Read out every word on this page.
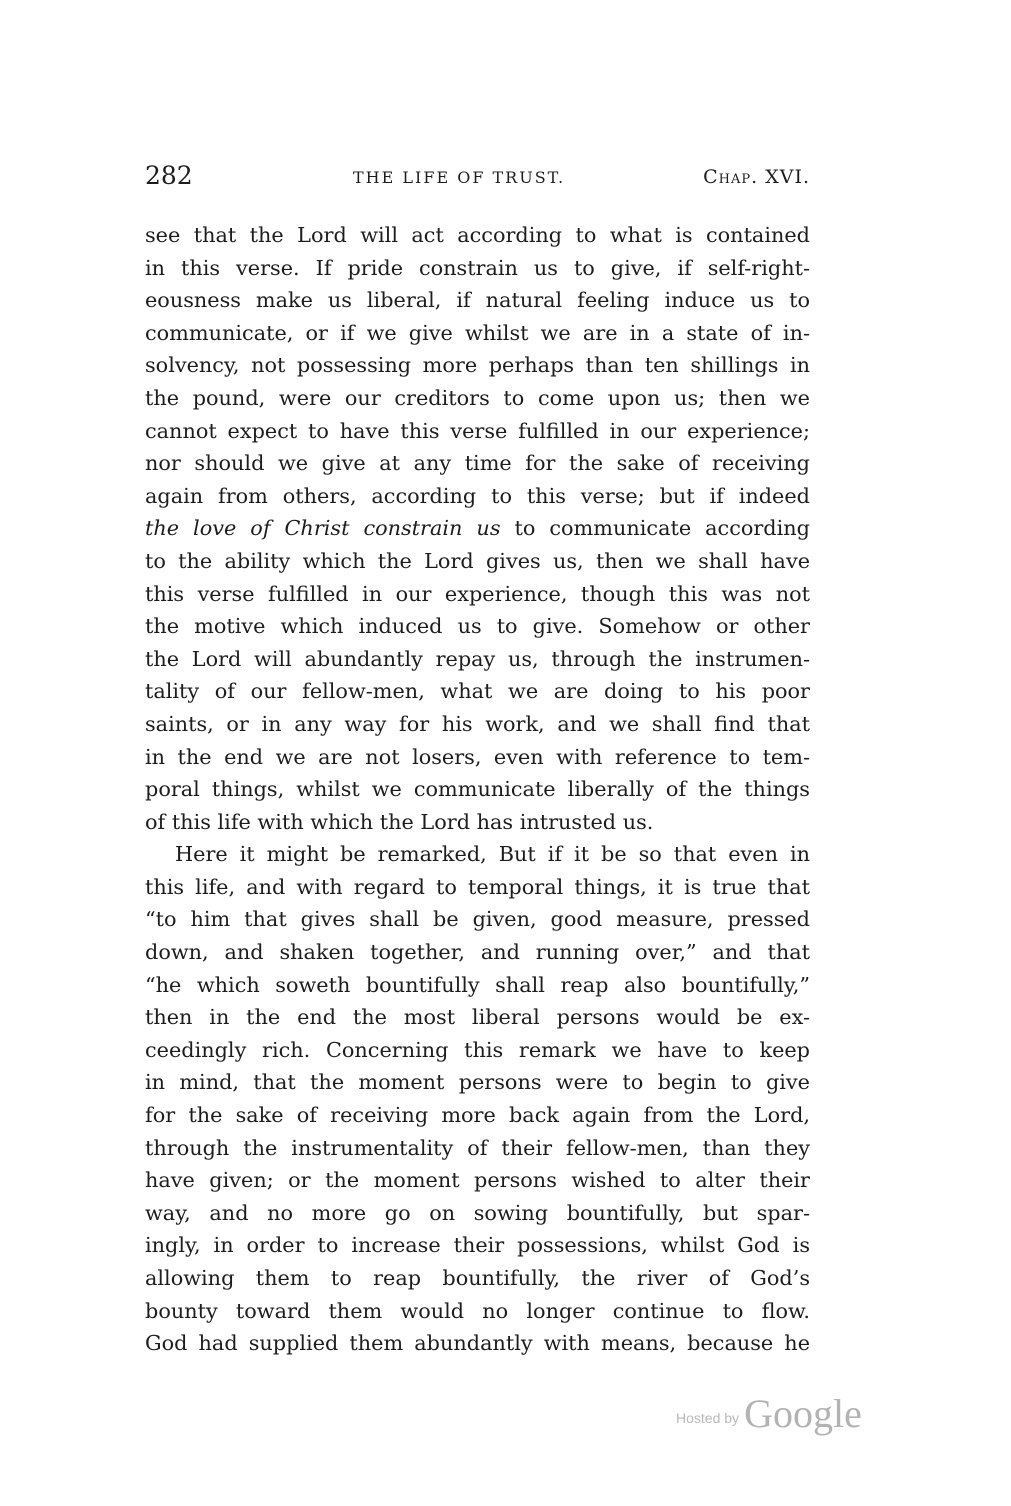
282	THE LIFE OF TRUST.	Chap. XVI.
see that the Lord will act according to what is contained
in this verse. If pride constrain us to give, if self-right-
eousness make us liberal, if natural feeling induce us to
communicate, or if we give whilst we are in a state of in-
solvency, not possessing more perhaps than ten shillings in
the pound, were our creditors to come upon us; then we
cannot expect to have this verse fulfilled in our experience;
nor should we give at any time for the sake of receiving
again from others, according to this verse; but if indeed
the love of Christ constrain us to communicate according
to the ability which the Lord gives us, then we shall have
this verse fulfilled in our experience, though this was not
the motive which induced us to give. Somehow or other
the Lord will abundantly repay us, through the instrumen-
tality of our fellow-men, what we are doing to his poor
saints, or in any way for his work, and we shall find that
in the end we are not losers, even with reference to tem-
poral things, whilst we communicate liberally of the things
of this life with which the Lord has intrusted us.
Here it might be remarked, But if it be so that even in
this life, and with regard to temporal things, it is true that
“to him that gives shall be given, good measure, pressed
down, and shaken together, and running over,” and that
“he which soweth bountifully shall reap also bountifully,”
then in the end the most liberal persons would be ex-
ceedingly rich. Concerning this remark we have to keep
in mind, that the moment persons were to begin to give
for the sake of receiving more back again from the Lord,
through the instrumentality of their fellow-men, than they
have given; or the moment persons wished to alter their
way, and no more go on sowing bountifully, but spar-
ingly, in order to increase their possessions, whilst God is
allowing them to reap bountifully, the river of God’s
bounty toward them would no longer continue to flow.
God had supplied them abundantly with means, because he
Hosted by Google
